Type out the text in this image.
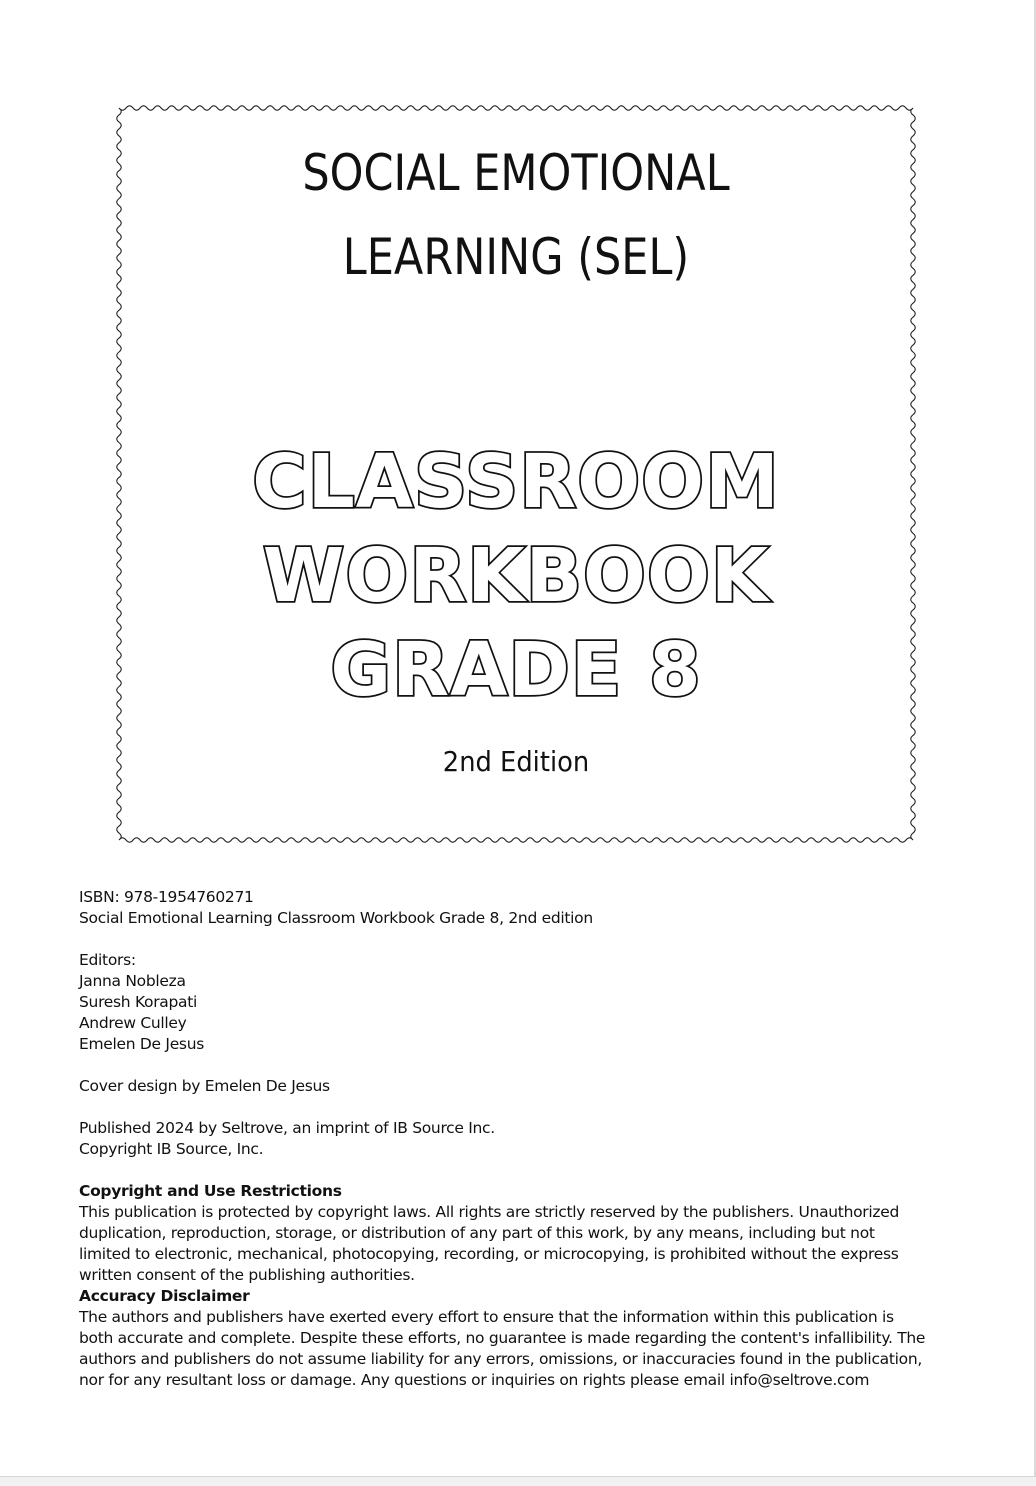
SOCIAL EMOTIONAL
LEARNING (SEL)
CLASSROOM
WORKBOOK
GRADE 8
2nd Edition
ISBN: 978-1954760271
Social Emotional Learning Classroom Workbook Grade 8, 2nd edition
Editors:
Janna Nobleza
Suresh Korapati
Andrew Culley
Emelen De Jesus
Cover design by Emelen De Jesus
Published 2024 by Seltrove, an imprint of IB Source Inc.
Copyright IB Source, Inc.
Copyright and Use Restrictions
This publication is protected by copyright laws. All rights are strictly reserved by the publishers. Unauthorized
duplication, reproduction, storage, or distribution of any part of this work, by any means, including but not
limited to electronic, mechanical, photocopying, recording, or microcopying, is prohibited without the express
written consent of the publishing authorities.
Accuracy Disclaimer
The authors and publishers have exerted every effort to ensure that the information within this publication is
both accurate and complete. Despite these efforts, no guarantee is made regarding the content's infallibility. The
authors and publishers do not assume liability for any errors, omissions, or inaccuracies found in the publication,
nor for any resultant loss or damage. Any questions or inquiries on rights please email info@seltrove.com
